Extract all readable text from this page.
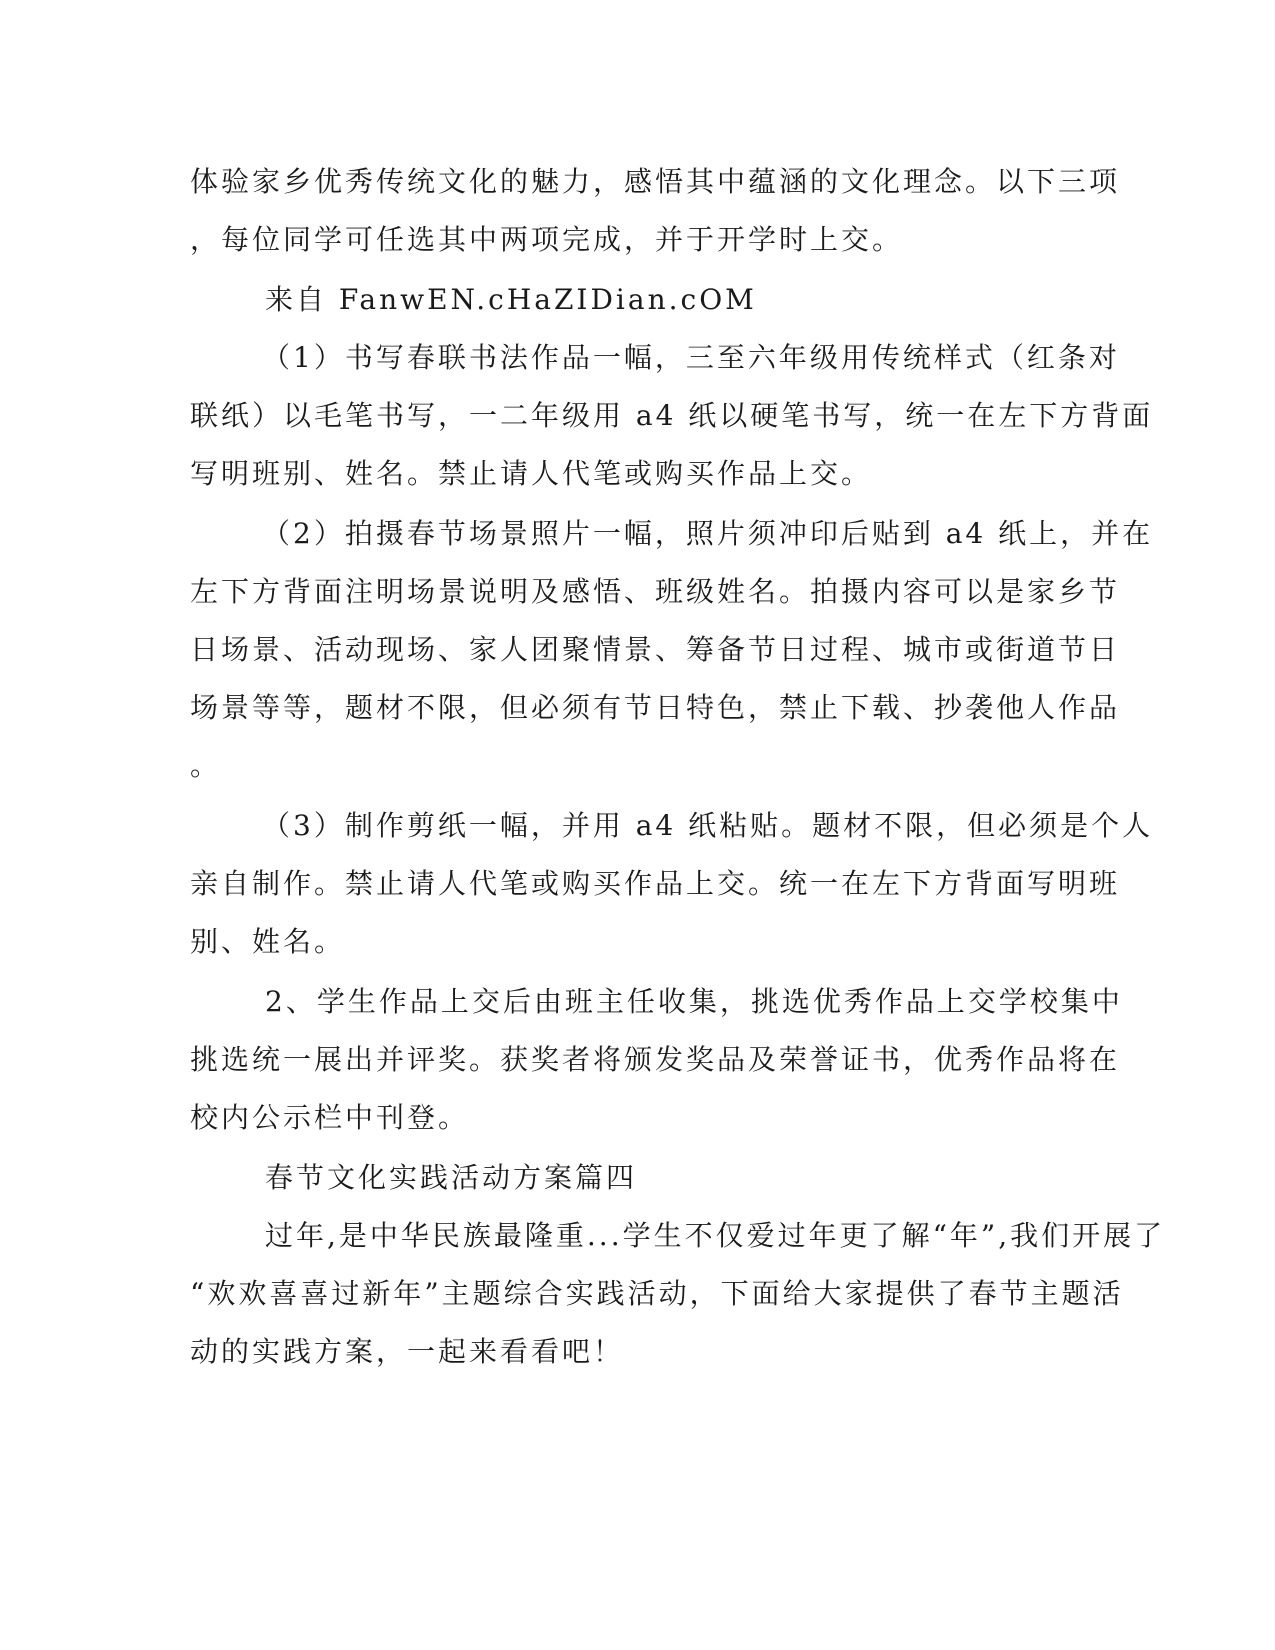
体验家乡优秀传统文化的魅力，感悟其中蕴涵的文化理念。以下三项
，每位同学可任选其中两项完成，并于开学时上交。
来自 FanwEN.cHaZIDian.cOM
（1）书写春联书法作品一幅，三至六年级用传统样式（红条对
联纸）以毛笔书写，一二年级用 a4 纸以硬笔书写，统一在左下方背面
写明班别、姓名。禁止请人代笔或购买作品上交。
（2）拍摄春节场景照片一幅，照片须冲印后贴到 a4 纸上，并在
左下方背面注明场景说明及感悟、班级姓名。拍摄内容可以是家乡节
日场景、活动现场、家人团聚情景、筹备节日过程、城市或街道节日
场景等等，题材不限，但必须有节日特色，禁止下载、抄袭他人作品
。
（3）制作剪纸一幅，并用 a4 纸粘贴。题材不限，但必须是个人
亲自制作。禁止请人代笔或购买作品上交。统一在左下方背面写明班
别、姓名。
2、学生作品上交后由班主任收集，挑选优秀作品上交学校集中
挑选统一展出并评奖。获奖者将颁发奖品及荣誉证书，优秀作品将在
校内公示栏中刊登。
春节文化实践活动方案篇四
过年,是中华民族最隆重...学生不仅爱过年更了解“年”,我们开展了
“欢欢喜喜过新年”主题综合实践活动，下面给大家提供了春节主题活
动的实践方案，一起来看看吧！
